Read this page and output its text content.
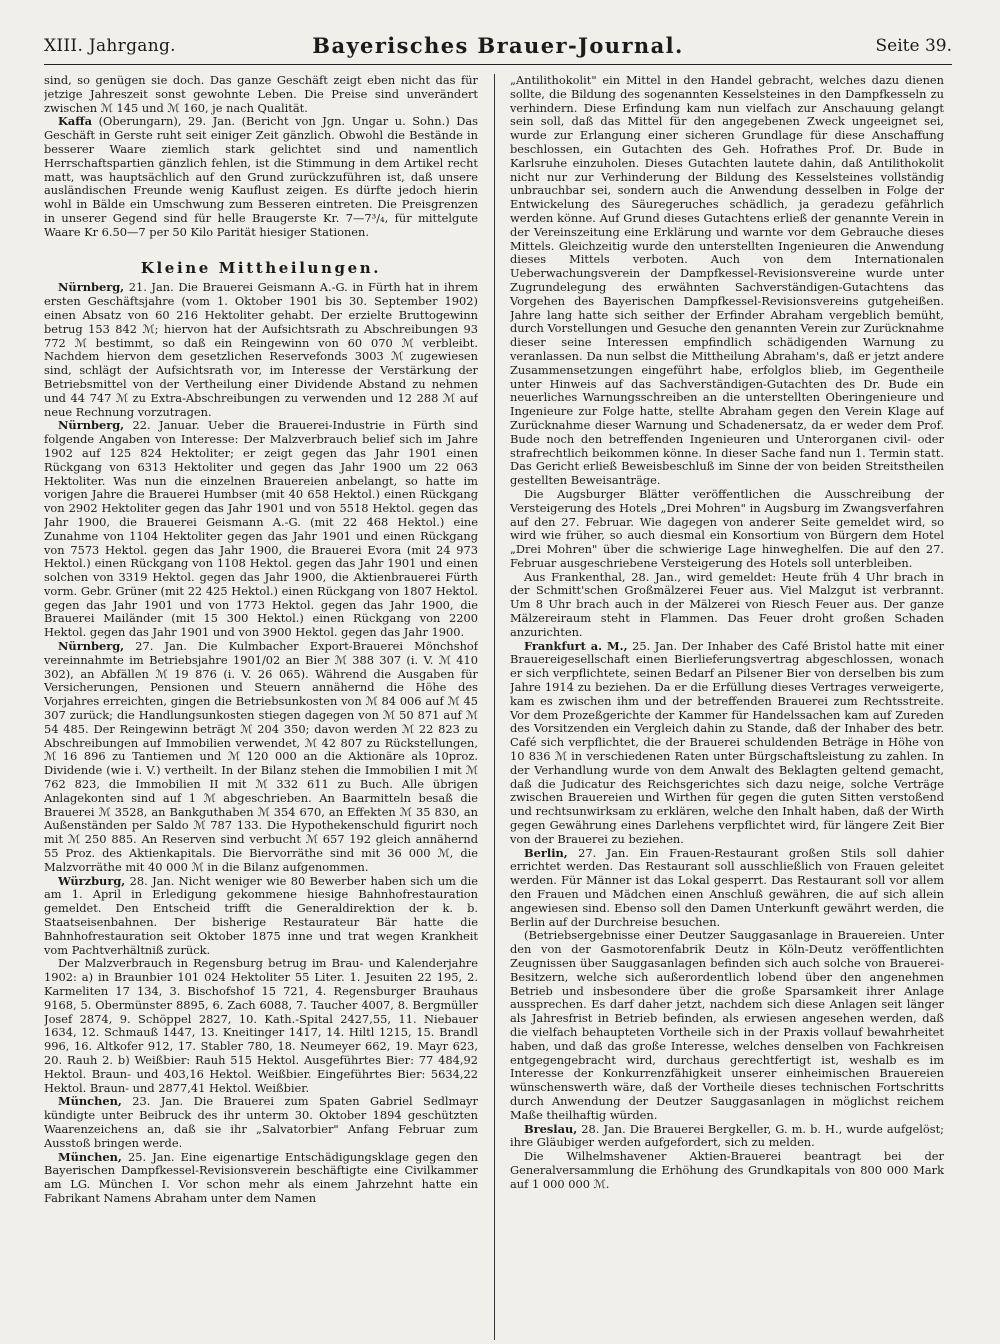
XIII. Jahrgang.	Bayerisches Brauer-Journal.	Seite 39.

sind, so genügen sie doch. Das ganze Geschäft zeigt eben nicht das für jetzige Jahreszeit sonst gewohnte Leben. Die Preise sind unverändert zwischen ℳ 145 und ℳ 160, je nach Qualität.

Kaffa (Oberungarn), 29. Jan. (Bericht von Jgn. Ungar u. Sohn.) Das Geschäft in Gerste ruht seit einiger Zeit gänzlich. Obwohl die Bestände in besserer Waare ziemlich stark gelichtet sind und namentlich Herrschaftspartien gänzlich fehlen, ist die Stimmung in dem Artikel recht matt, was hauptsächlich auf den Grund zurückzuführen ist, daß unsere ausländischen Freunde wenig Kauflust zeigen. Es dürfte jedoch hierin wohl in Bälde ein Umschwung zum Besseren eintreten. Die Preisgrenzen in unserer Gegend sind für helle Braugerste Kr. 7—7³/₄, für mittelgute Waare Kr 6.50—7 per 50 Kilo Parität hiesiger Stationen.

Kleine Mittheilungen.

Nürnberg, 21. Jan. Die Brauerei Geismann A.-G. in Fürth hat in ihrem ersten Geschäftsjahre (vom 1. Oktober 1901 bis 30. September 1902) einen Absatz von 60 216 Hektoliter gehabt. Der erzielte Bruttogewinn betrug 153 842 ℳ; hiervon hat der Aufsichtsrath zu Abschreibungen 93 772 ℳ bestimmt, so daß ein Reingewinn von 60 070 ℳ verbleibt. Nachdem hiervon dem gesetzlichen Reservefonds 3003 ℳ zugewiesen sind, schlägt der Aufsichtsrath vor, im Interesse der Verstärkung der Betriebsmittel von der Vertheilung einer Dividende Abstand zu nehmen und 44 747 ℳ zu Extra-Abschreibungen zu verwenden und 12 288 ℳ auf neue Rechnung vorzutragen.

Nürnberg, 22. Januar. Ueber die Brauerei-Industrie in Fürth sind folgende Angaben von Interesse: Der Malzverbrauch belief sich im Jahre 1902 auf 125 824 Hektoliter; er zeigt gegen das Jahr 1901 einen Rückgang von 6313 Hektoliter und gegen das Jahr 1900 um 22 063 Hektoliter. Was nun die einzelnen Brauereien anbelangt, so hatte im vorigen Jahre die Brauerei Humbser (mit 40 658 Hektol.) einen Rückgang von 2902 Hektoliter gegen das Jahr 1901 und von 5518 Hektol. gegen das Jahr 1900, die Brauerei Geismann A.-G. (mit 22 468 Hektol.) eine Zunahme von 1104 Hektoliter gegen das Jahr 1901 und einen Rückgang von 7573 Hektol. gegen das Jahr 1900, die Brauerei Evora (mit 24 973 Hektol.) einen Rückgang von 1108 Hektol. gegen das Jahr 1901 und einen solchen von 3319 Hektol. gegen das Jahr 1900, die Aktienbrauerei Fürth vorm. Gebr. Grüner (mit 22 425 Hektol.) einen Rückgang von 1807 Hektol. gegen das Jahr 1901 und von 1773 Hektol. gegen das Jahr 1900, die Brauerei Mailänder (mit 15 300 Hektol.) einen Rückgang von 2200 Hektol. gegen das Jahr 1901 und von 3900 Hektol. gegen das Jahr 1900.

Nürnberg, 27. Jan. Die Kulmbacher Export-Brauerei Mönchshof vereinnahmte im Betriebsjahre 1901/02 an Bier ℳ 388 307 (i. V. ℳ 410 302), an Abfällen ℳ 19 876 (i. V. 26 065). Während die Ausgaben für Versicherungen, Pensionen und Steuern annähernd die Höhe des Vorjahres erreichten, gingen die Betriebsunkosten von ℳ 84 006 auf ℳ 45 307 zurück; die Handlungsunkosten stiegen dagegen von ℳ 50 871 auf ℳ 54 485. Der Reingewinn beträgt ℳ 204 350; davon werden ℳ 22 823 zu Abschreibungen auf Immobilien verwendet, ℳ 42 807 zu Rückstellungen, ℳ 16 896 zu Tantiemen und ℳ 120 000 an die Aktionäre als 10proz. Dividende (wie i. V.) vertheilt. In der Bilanz stehen die Immobilien I mit ℳ 762 823, die Immobilien II mit ℳ 332 611 zu Buch. Alle übrigen Anlagekonten sind auf 1 ℳ abgeschrieben. An Baarmitteln besaß die Brauerei ℳ 3528, an Bankguthaben ℳ 354 670, an Effekten ℳ 35 830, an Außenständen per Saldo ℳ 787 133. Die Hypothekenschuld figurirt noch mit ℳ 250 885. An Reserven sind verbucht ℳ 657 192 gleich annähernd 55 Proz. des Aktienkapitals. Die Biervorräthe sind mit 36 000 ℳ, die Malzvorräthe mit 40 000 ℳ in die Bilanz aufgenommen.

Würzburg, 28. Jan. Nicht weniger wie 80 Bewerber haben sich um die am 1. April in Erledigung gekommene hiesige Bahnhofrestauration gemeldet. Den Entscheid trifft die Generaldirektion der k. b. Staatseisenbahnen. Der bisherige Restaurateur Bär hatte die Bahnhofrestauration seit Oktober 1875 inne und trat wegen Krankheit vom Pachtverhältniß zurück.

Der Malzverbrauch in Regensburg betrug im Brau- und Kalenderjahre 1902: a) in Braunbier 101 024 Hektoliter 55 Liter. 1. Jesuiten 22 195, 2. Karmeliten 17 134, 3. Bischofshof 15 721, 4. Regensburger Brauhaus 9168, 5. Obermünster 8895, 6. Zach 6088, 7. Taucher 4007, 8. Bergmüller Josef 2874, 9. Schöppel 2827, 10. Kath.-Spital 2427,55, 11. Niebauer 1634, 12. Schmauß 1447, 13. Kneitinger 1417, 14. Hiltl 1215, 15. Brandl 996, 16. Altkofer 912, 17. Stabler 780, 18. Neumeyer 662, 19. Mayr 623, 20. Rauh 2. b) Weißbier: Rauh 515 Hektol. Ausgeführtes Bier: 77 484,92 Hektol. Braun- und 403,16 Hektol. Weißbier. Eingeführtes Bier: 5634,22 Hektol. Braun- und 2877,41 Hektol. Weißbier.

München, 23. Jan. Die Brauerei zum Spaten Gabriel Sedlmayr kündigte unter Beibruck des ihr unterm 30. Oktober 1894 geschützten Waarenzeichens an, daß sie ihr „Salvatorbier" Anfang Februar zum Ausstoß bringen werde.

München, 25. Jan. Eine eigenartige Entschädigungsklage gegen den Bayerischen Dampfkessel-Revisionsverein beschäftigte eine Civilkammer am LG. München I. Vor schon mehr als einem Jahrzehnt hatte ein Fabrikant Namens Abraham unter dem Namen

„Antilithokolit" ein Mittel in den Handel gebracht, welches dazu dienen sollte, die Bildung des sogenannten Kesselsteines in den Dampfkesseln zu verhindern. Diese Erfindung kam nun vielfach zur Anschauung gelangt sein soll, daß das Mittel für den angegebenen Zweck ungeeignet sei, wurde zur Erlangung einer sicheren Grundlage für diese Anschaffung beschlossen, ein Gutachten des Geh. Hofrathes Prof. Dr. Bude in Karlsruhe einzuholen. Dieses Gutachten lautete dahin, daß Antilithokolit nicht nur zur Verhinderung der Bildung des Kesselsteines vollständig unbrauchbar sei, sondern auch die Anwendung desselben in Folge der Entwickelung des Säuregeruches schädlich, ja geradezu gefährlich werden könne. Auf Grund dieses Gutachtens erließ der genannte Verein in der Vereinszeitung eine Erklärung und warnte vor dem Gebrauche dieses Mittels. Gleichzeitig wurde den unterstellten Ingenieuren die Anwendung dieses Mittels verboten. Auch von dem Internationalen Ueberwachungsverein der Dampfkessel-Revisionsvereine wurde unter Zugrundelegung des erwähnten Sachverständigen-Gutachtens das Vorgehen des Bayerischen Dampfkessel-Revisionsvereins gutgeheißen. Jahre lang hatte sich seither der Erfinder Abraham vergeblich bemüht, durch Vorstellungen und Gesuche den genannten Verein zur Zurücknahme dieser seine Interessen empfindlich schädigenden Warnung zu veranlassen. Da nun selbst die Mittheilung Abraham's, daß er jetzt andere Zusammensetzungen eingeführt habe, erfolglos blieb, im Gegentheile unter Hinweis auf das Sachverständigen-Gutachten des Dr. Bude ein neuerliches Warnungsschreiben an die unterstellten Oberingenieure und Ingenieure zur Folge hatte, stellte Abraham gegen den Verein Klage auf Zurücknahme dieser Warnung und Schadenersatz, da er weder dem Prof. Bude noch den betreffenden Ingenieuren und Unterorganen civil- oder strafrechtlich beikommen könne. In dieser Sache fand nun 1. Termin statt. Das Gericht erließ Beweisbeschluß im Sinne der von beiden Streitstheilen gestellten Beweisanträge.

Die Augsburger Blätter veröffentlichen die Ausschreibung der Versteigerung des Hotels „Drei Mohren" in Augsburg im Zwangsverfahren auf den 27. Februar. Wie dagegen von anderer Seite gemeldet wird, so wird wie früher, so auch diesmal ein Konsortium von Bürgern dem Hotel „Drei Mohren" über die schwierige Lage hinweghelfen. Die auf den 27. Februar ausgeschriebene Versteigerung des Hotels soll unterbleiben.

Aus Frankenthal, 28. Jan., wird gemeldet: Heute früh 4 Uhr brach in der Schmitt'schen Großmälzerei Feuer aus. Viel Malzgut ist verbrannt. Um 8 Uhr brach auch in der Mälzerei von Riesch Feuer aus. Der ganze Mälzereiraum steht in Flammen. Das Feuer droht großen Schaden anzurichten.

Frankfurt a. M., 25. Jan. Der Inhaber des Café Bristol hatte mit einer Brauereigesellschaft einen Bierlieferungsvertrag abgeschlossen, wonach er sich verpflichtete, seinen Bedarf an Pilsener Bier von derselben bis zum Jahre 1914 zu beziehen. Da er die Erfüllung dieses Vertrages verweigerte, kam es zwischen ihm und der betreffenden Brauerei zum Rechtsstreite. Vor dem Prozeßgerichte der Kammer für Handelssachen kam auf Zureden des Vorsitzenden ein Vergleich dahin zu Stande, daß der Inhaber des betr. Café sich verpflichtet, die der Brauerei schuldenden Beträge in Höhe von 10 836 ℳ in verschiedenen Raten unter Bürgschaftsleistung zu zahlen. In der Verhandlung wurde von dem Anwalt des Beklagten geltend gemacht, daß die Judicatur des Reichsgerichtes sich dazu neige, solche Verträge zwischen Brauereien und Wirthen für gegen die guten Sitten verstoßend und rechtsunwirksam zu erklären, welche den Inhalt haben, daß der Wirth gegen Gewährung eines Darlehens verpflichtet wird, für längere Zeit Bier von der Brauerei zu beziehen.

Berlin, 27. Jan. Ein Frauen-Restaurant großen Stils soll dahier errichtet werden. Das Restaurant soll ausschließlich von Frauen geleitet werden. Für Männer ist das Lokal gesperrt. Das Restaurant soll vor allem den Frauen und Mädchen einen Anschluß gewähren, die auf sich allein angewiesen sind. Ebenso soll den Damen Unterkunft gewährt werden, die Berlin auf der Durchreise besuchen.

(Betriebsergebnisse einer Deutzer Sauggasanlage in Brauereien. Unter den von der Gasmotorenfabrik Deutz in Köln-Deutz veröffentlichten Zeugnissen über Sauggasanlagen befinden sich auch solche von Brauerei-Besitzern, welche sich außerordentlich lobend über den angenehmen Betrieb und insbesondere über die große Sparsamkeit ihrer Anlage aussprechen. Es darf daher jetzt, nachdem sich diese Anlagen seit länger als Jahresfrist in Betrieb befinden, als erwiesen angesehen werden, daß die vielfach behaupteten Vortheile sich in der Praxis vollauf bewahrheitet haben, und daß das große Interesse, welches denselben von Fachkreisen entgegengebracht wird, durchaus gerechtfertigt ist, weshalb es im Interesse der Konkurrenzfähigkeit unserer einheimischen Brauereien wünschenswerth wäre, daß der Vortheile dieses technischen Fortschritts durch Anwendung der Deutzer Sauggasanlagen in möglichst reichem Maße theilhaftig würden.

Breslau, 28. Jan. Die Brauerei Bergkeller, G. m. b. H., wurde aufgelöst; ihre Gläubiger werden aufgefordert, sich zu melden.

Die Wilhelmshavener Aktien-Brauerei beantragt bei der Generalversammlung die Erhöhung des Grundkapitals von 800 000 Mark auf 1 000 000 ℳ.
